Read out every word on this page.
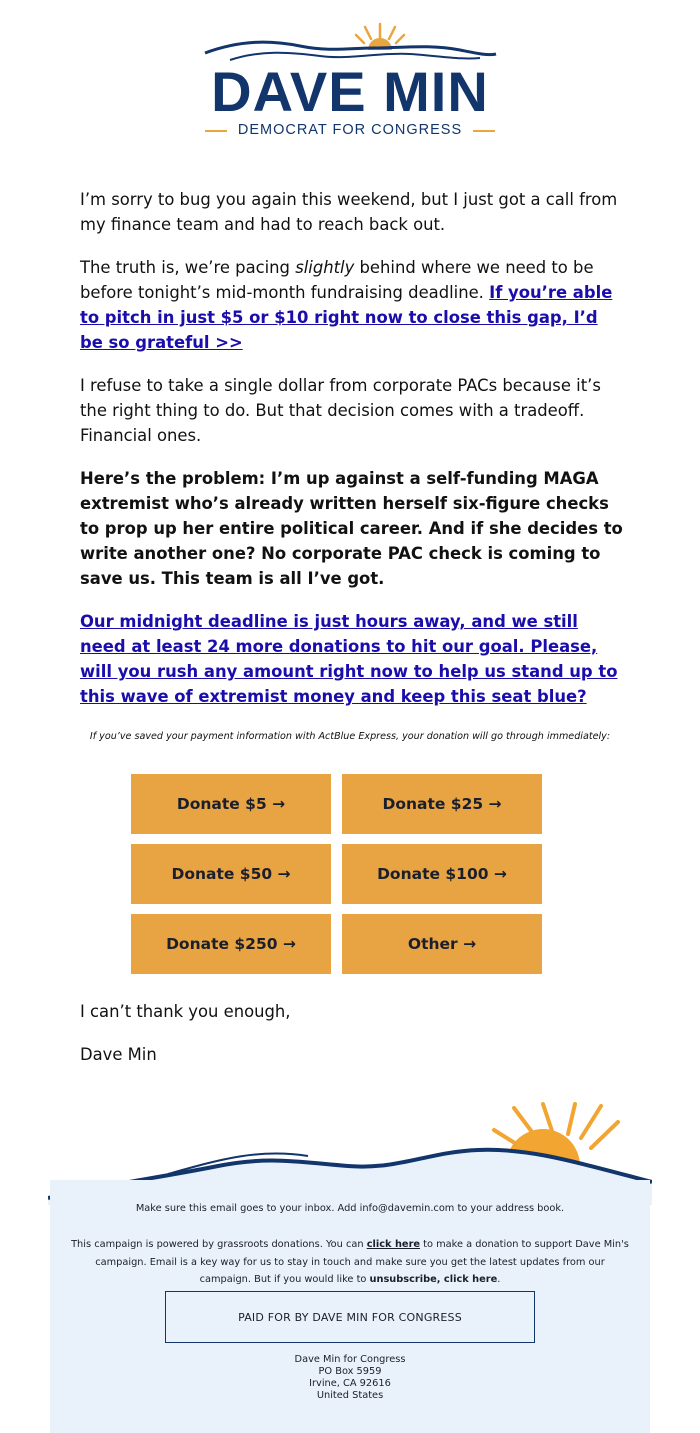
DAVE MIN
DEMOCRAT FOR CONGRESS

I’m sorry to bug you again this weekend, but I just got a call from my finance team and had to reach back out.

The truth is, we’re pacing slightly behind where we need to be before tonight’s mid-month fundraising deadline. If you’re able to pitch in just $5 or $10 right now to close this gap, I’d be so grateful >>

I refuse to take a single dollar from corporate PACs because it’s the right thing to do. But that decision comes with a tradeoff. Financial ones.

Here’s the problem: I’m up against a self-funding MAGA extremist who’s already written herself six-figure checks to prop up her entire political career. And if she decides to write another one? No corporate PAC check is coming to save us. This team is all I’ve got.

Our midnight deadline is just hours away, and we still need at least 24 more donations to hit our goal. Please, will you rush any amount right now to help us stand up to this wave of extremist money and keep this seat blue?

If you’ve saved your payment information with ActBlue Express, your donation will go through immediately:
Donate $5 →	Donate $25 →
Donate $50 →	Donate $100 →
Donate $250 →	Other →
I can’t thank you enough,
Dave Min
Make sure this email goes to your inbox. Add info@davemin.com to your address book.
This campaign is powered by grassroots donations. You can click here to make a donation to support Dave Min's campaign. Email is a key way for us to stay in touch and make sure you get the latest updates from our campaign. But if you would like to unsubscribe, click here.
PAID FOR BY DAVE MIN FOR CONGRESS
Dave Min for Congress
PO Box 5959
Irvine, CA 92616
United States
